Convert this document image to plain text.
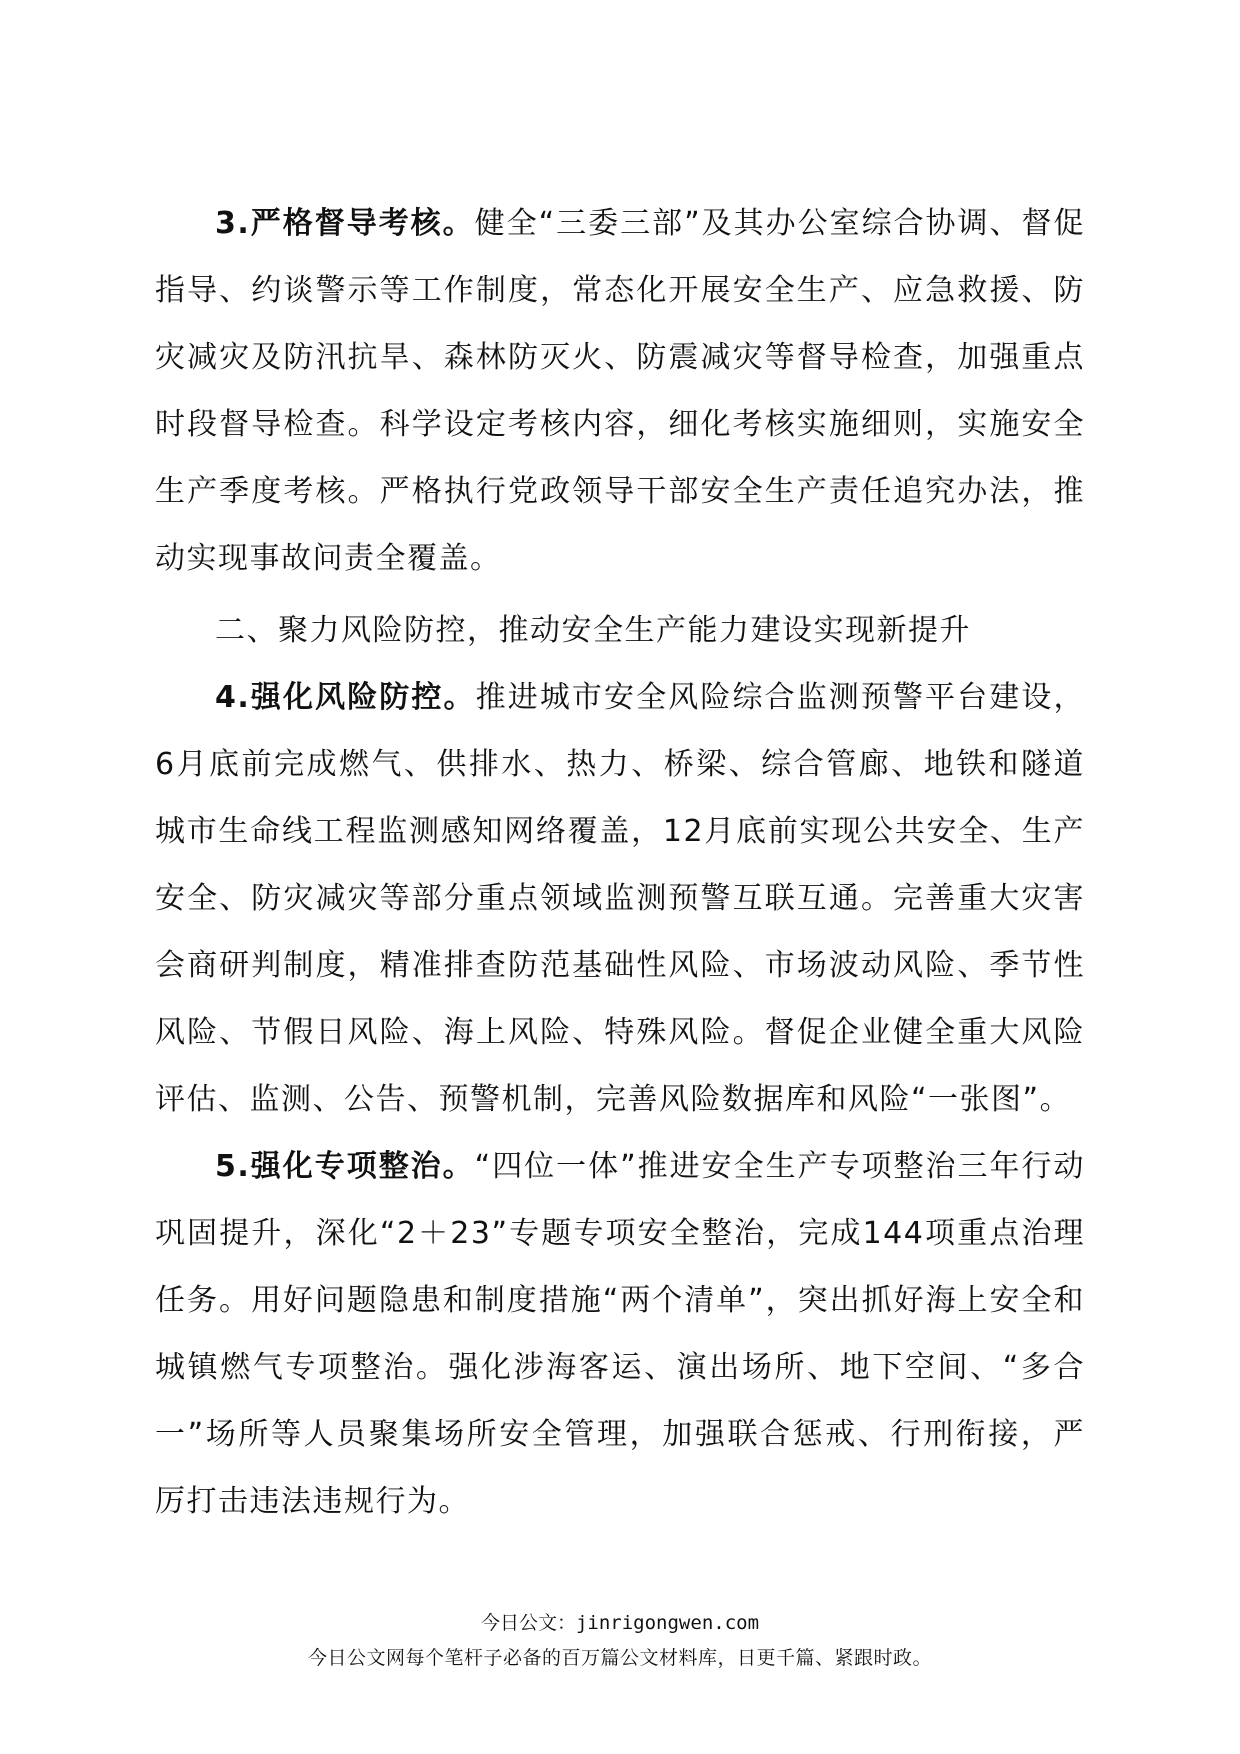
3.严格督导考核。健全“三委三部”及其办公室综合协调、督促指导、约谈警示等工作制度，常态化开展安全生产、应急救援、防灾减灾及防汛抗旱、森林防灭火、防震减灾等督导检查，加强重点时段督导检查。科学设定考核内容，细化考核实施细则，实施安全生产季度考核。严格执行党政领导干部安全生产责任追究办法，推动实现事故问责全覆盖。

二、聚力风险防控，推动安全生产能力建设实现新提升

4.强化风险防控。推进城市安全风险综合监测预警平台建设，6月底前完成燃气、供排水、热力、桥梁、综合管廊、地铁和隧道城市生命线工程监测感知网络覆盖，12月底前实现公共安全、生产安全、防灾减灾等部分重点领域监测预警互联互通。完善重大灾害会商研判制度，精准排查防范基础性风险、市场波动风险、季节性风险、节假日风险、海上风险、特殊风险。督促企业健全重大风险评估、监测、公告、预警机制，完善风险数据库和风险“一张图”。

5.强化专项整治。“四位一体”推进安全生产专项整治三年行动巩固提升，深化“2＋23”专题专项安全整治，完成144项重点治理任务。用好问题隐患和制度措施“两个清单”，突出抓好海上安全和城镇燃气专项整治。强化涉海客运、演出场所、地下空间、“多合一”场所等人员聚集场所安全管理，加强联合惩戒、行刑衔接，严厉打击违法违规行为。

今日公文：jinrigongwen.com
今日公文网每个笔杆子必备的百万篇公文材料库，日更千篇、紧跟时政。
